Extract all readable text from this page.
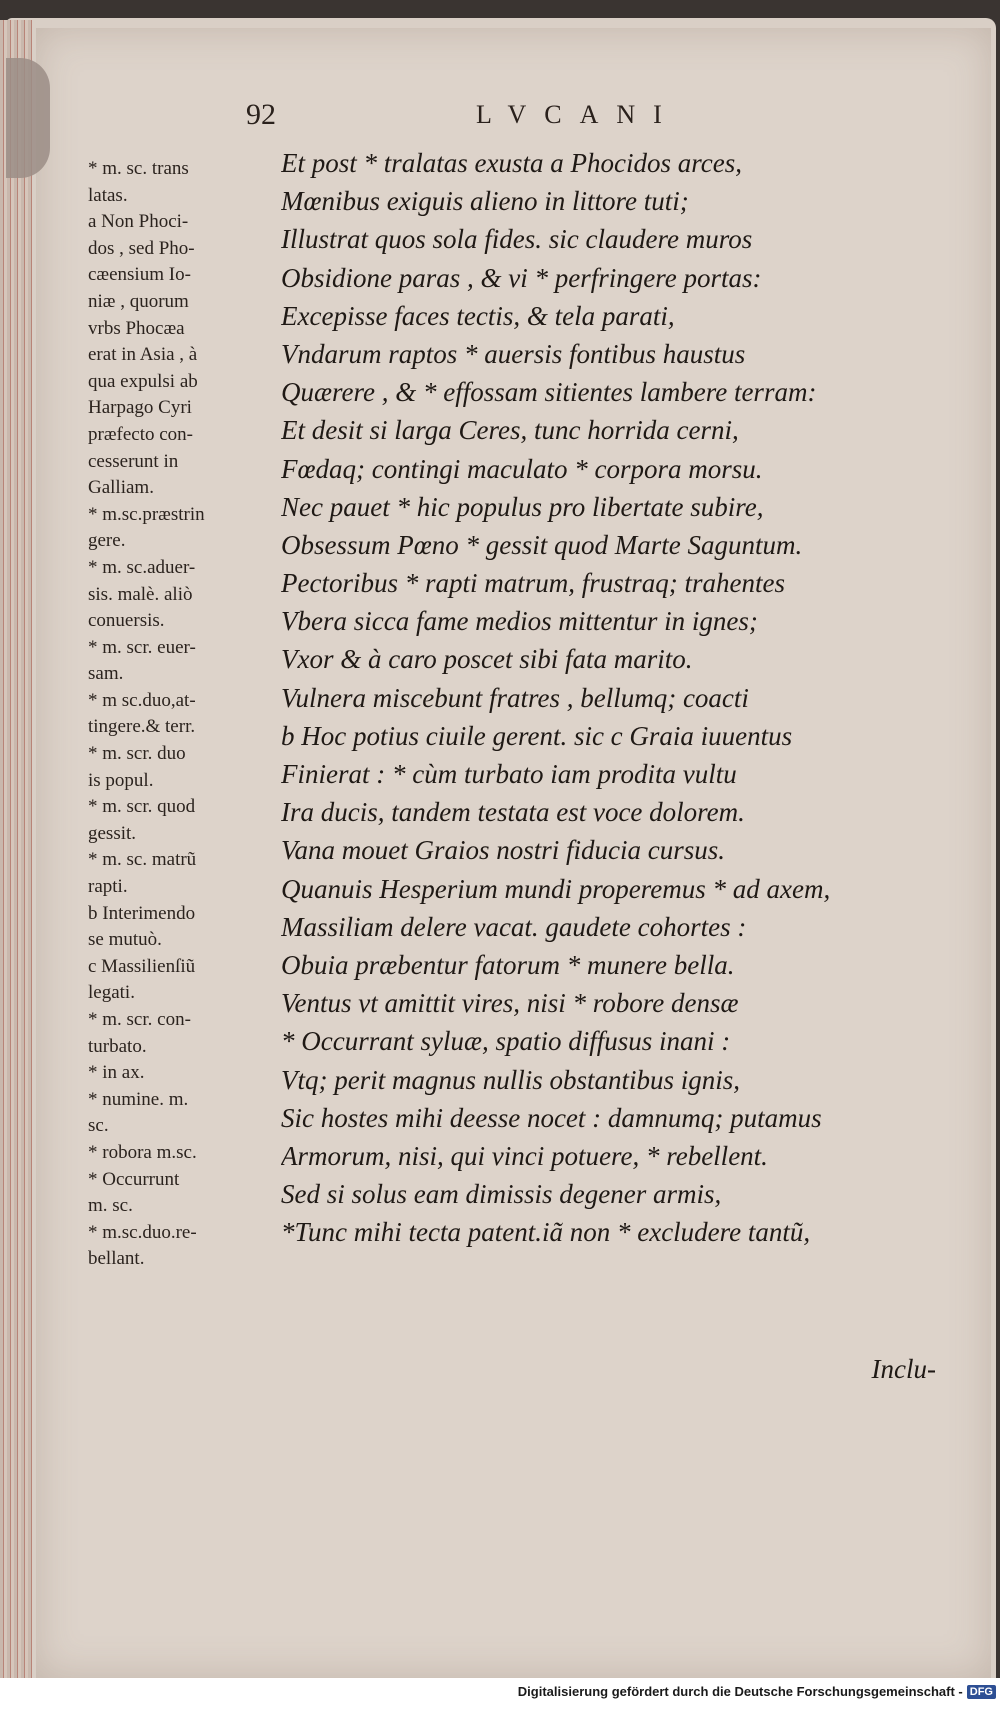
92	LVCANI
* m. sc. trans
latas.
a Non Phoci-
dos , sed Pho-
cæensium Io-
niæ , quorum
vrbs Phocæa
erat in Asia , à
qua expulsi ab
Harpago Cyri
præfecto con-
cesserunt in
Galliam.
* m.sc.præstrin
gere.
* m. sc.aduer-
sis. malè. aliò
conuersis.
* m. scr. euer-
sam.
* m sc.duo,at-
tingere.& terr.
* m. scr. duo
is popul.
* m. scr. quod
gessit.
* m. sc. matrũ
rapti.
b Interimendo
se mutuò.
c Massilienſiũ
legati.
* m. scr. con-
turbato.
* in ax.
* numine. m.
sc.
* robora m.sc.
* Occurrunt
m. sc.
* m.sc.duo.re-
bellant.
Et post * tralatas exusta a Phocidos arces,
Mœnibus exiguis alieno in littore tuti;
Illustrat quos sola fides. sic claudere muros
Obsidione paras , & vi * perfringere portas:
Excepisse faces tectis, & tela parati,
Vndarum raptos * auersis fontibus haustus
Quærere , & * effossam sitientes lambere terram:
Et desit si larga Ceres, tunc horrida cerni,
Fœdaq; contingi maculato * corpora morsu.
Nec pauet * hic populus pro libertate subire,
Obsessum Pœno * gessit quod Marte Saguntum.
Pectoribus * rapti matrum, frustraq; trahentes
Vbera sicca fame medios mittentur in ignes;
Vxor & à caro poscet sibi fata marito.
Vulnera miscebunt fratres , bellumq; coacti
b Hoc potius ciuile gerent. sic c Graia iuuentus
Finierat : * cùm turbato iam prodita vultu
Ira ducis, tandem testata est voce dolorem.
Vana mouet Graios nostri fiducia cursus.
Quanuis Hesperium mundi properemus * ad axem,
Massiliam delere vacat. gaudete cohortes :
Obuia præbentur fatorum * munere bella.
Ventus vt amittit vires, nisi * robore densæ
* Occurrant syluæ, spatio diffusus inani :
Vtq; perit magnus nullis obstantibus ignis,
Sic hostes mihi deesse nocet : damnumq; putamus
Armorum, nisi, qui vinci potuere, * rebellent.
Sed si solus eam dimissis degener armis,
*Tunc mihi tecta patent.iã non * excludere tantũ,
Inclu-
Digitalisierung gefördert durch die Deutsche Forschungsgemeinschaft - DFG
